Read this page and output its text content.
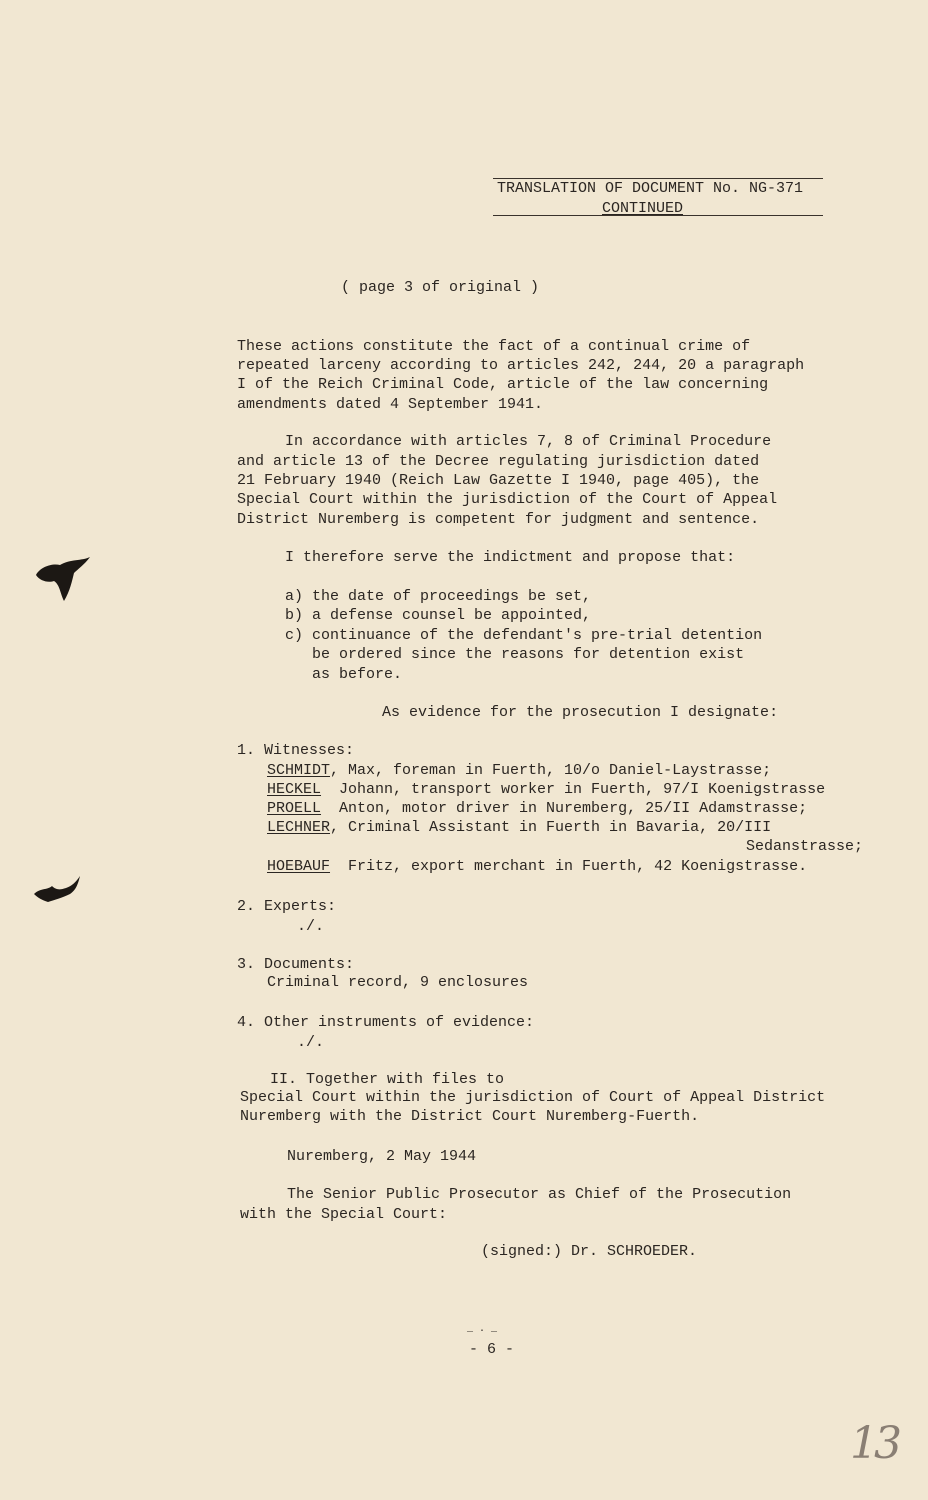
TRANSLATION OF DOCUMENT No. NG-371
CONTINUED
( page 3 of original )
These actions constitute the fact of a continual crime of
repeated larceny according to articles 242, 244, 20 a paragraph
I of the Reich Criminal Code, article of the law concerning
amendments dated 4 September 1941.
In accordance with articles 7, 8 of Criminal Procedure
and article 13 of the Decree regulating jurisdiction dated
21 February 1940 (Reich Law Gazette I 1940, page 405), the
Special Court within the jurisdiction of the Court of Appeal
District Nuremberg is competent for judgment and sentence.
I therefore serve the indictment and propose that:
a) the date of proceedings be set,
b) a defense counsel be appointed,
c) continuance of the defendant's pre-trial detention
be ordered since the reasons for detention exist
as before.
As evidence for the prosecution I designate:
1. Witnesses:
SCHMIDT, Max, foreman in Fuerth, 10/o Daniel-Laystrasse;
HECKEL  Johann, transport worker in Fuerth, 97/I Koenigstrasse
PROELL  Anton, motor driver in Nuremberg, 25/II Adamstrasse;
LECHNER, Criminal Assistant in Fuerth in Bavaria, 20/III
Sedanstrasse;
HOEBAUF  Fritz, export merchant in Fuerth, 42 Koenigstrasse.
2. Experts:
./.
3. Documents:
Criminal record, 9 enclosures
4. Other instruments of evidence:
./.
II. Together with files to
Special Court within the jurisdiction of Court of Appeal District
Nuremberg with the District Court Nuremberg-Fuerth.
Nuremberg, 2 May 1944
The Senior Public Prosecutor as Chief of the Prosecution
with the Special Court:
(signed:) Dr. SCHROEDER.
_ . _
- 6 -
13
